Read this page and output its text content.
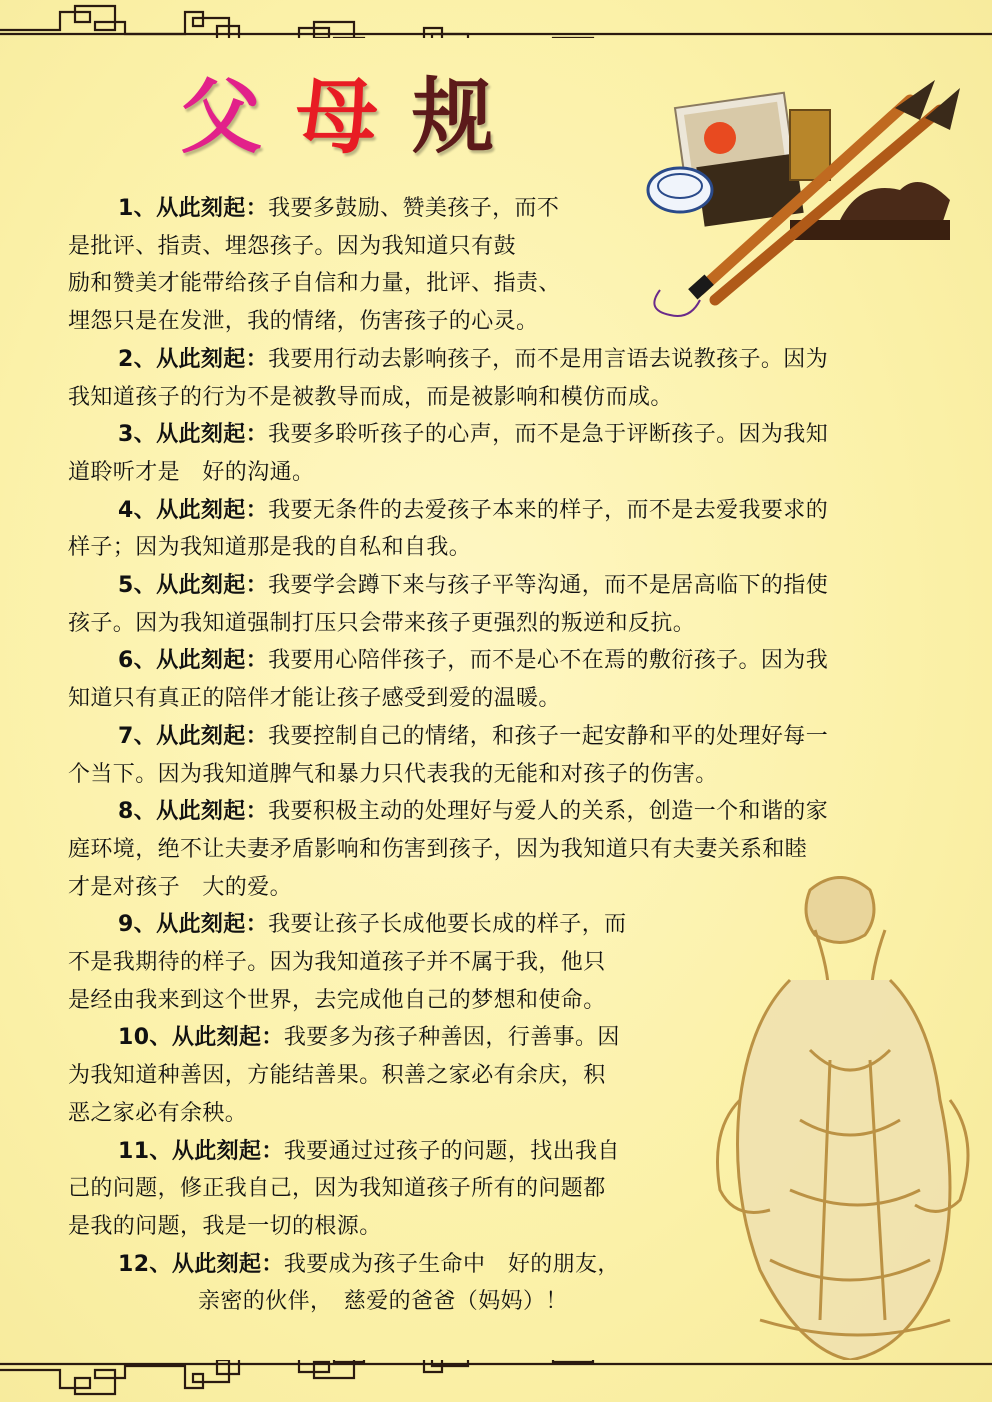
父 母 规
1、从此刻起：我要多鼓励、赞美孩子，而不
是批评、指责、埋怨孩子。因为我知道只有鼓
励和赞美才能带给孩子自信和力量，批评、指责、
埋怨只是在发泄，我的情绪，伤害孩子的心灵。
2、从此刻起：我要用行动去影响孩子，而不是用言语去说教孩子。因为
我知道孩子的行为不是被教导而成，而是被影响和模仿而成。
3、从此刻起：我要多聆听孩子的心声，而不是急于评断孩子。因为我知
道聆听才是　好的沟通。
4、从此刻起：我要无条件的去爱孩子本来的样子，而不是去爱我要求的
样子；因为我知道那是我的自私和自我。
5、从此刻起：我要学会蹲下来与孩子平等沟通，而不是居高临下的指使
孩子。因为我知道强制打压只会带来孩子更强烈的叛逆和反抗。
6、从此刻起：我要用心陪伴孩子，而不是心不在焉的敷衍孩子。因为我
知道只有真正的陪伴才能让孩子感受到爱的温暖。
7、从此刻起：我要控制自己的情绪，和孩子一起安静和平的处理好每一
个当下。因为我知道脾气和暴力只代表我的无能和对孩子的伤害。
8、从此刻起：我要积极主动的处理好与爱人的关系，创造一个和谐的家
庭环境，绝不让夫妻矛盾影响和伤害到孩子，因为我知道只有夫妻关系和睦
才是对孩子　大的爱。
9、从此刻起：我要让孩子长成他要长成的样子，而
不是我期待的样子。因为我知道孩子并不属于我，他只
是经由我来到这个世界，去完成他自己的梦想和使命。
10、从此刻起：我要多为孩子种善因，行善事。因
为我知道种善因，方能结善果。积善之家必有余庆，积
恶之家必有余秧。
11、从此刻起：我要通过过孩子的问题，找出我自
己的问题，修正我自己，因为我知道孩子所有的问题都
是我的问题，我是一切的根源。
12、从此刻起：我要成为孩子生命中　好的朋友，
亲密的伙伴，　慈爱的爸爸（妈妈）！
